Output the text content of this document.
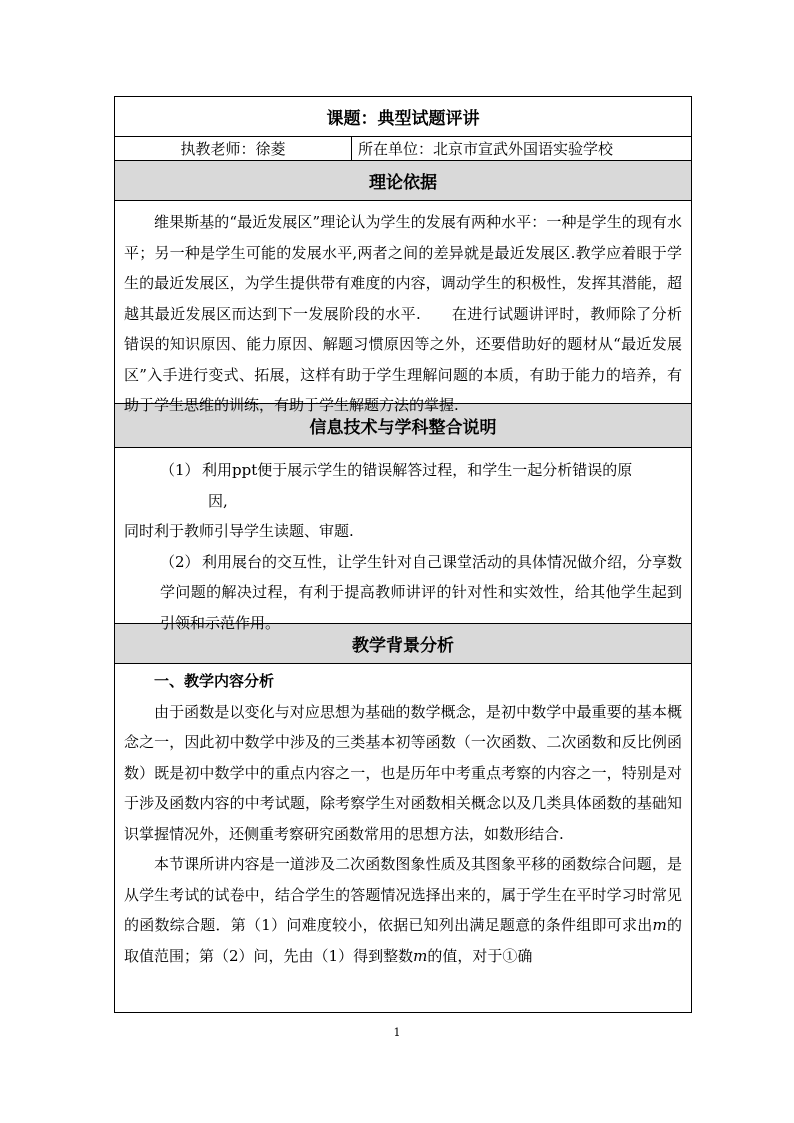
课题：典型试题评讲
执教老师：徐菱	所在单位：北京市宣武外国语实验学校
理论依据

维果斯基的“最近发展区”理论认为学生的发展有两种水平：一种是学生的现有水平；另一种是学生可能的发展水平,两者之间的差异就是最近发展区.教学应着眼于学生的最近发展区，为学生提供带有难度的内容，调动学生的积极性，发挥其潜能，超越其最近发展区而达到下一发展阶段的水平.　　在进行试题讲评时，教师除了分析错误的知识原因、能力原因、解题习惯原因等之外，还要借助好的题材从“最近发展区”入手进行变式、拓展，这样有助于学生理解问题的本质，有助于能力的培养，有助于学生思维的训练，有助于学生解题方法的掌握.

信息技术与学科整合说明

（1） 利用ppt便于展示学生的错误解答过程，和学生一起分析错误的原

因,

同时利于教师引导学生读题、审题.

（2） 利用展台的交互性，让学生针对自己课堂活动的具体情况做介绍，分享数学问题的解决过程，有利于提高教师讲评的针对性和实效性，给其他学生起到引领和示范作用。

教学背景分析

一、教学内容分析

由于函数是以变化与对应思想为基础的数学概念，是初中数学中最重要的基本概念之一，因此初中数学中涉及的三类基本初等函数（一次函数、二次函数和反比例函数）既是初中数学中的重点内容之一，也是历年中考重点考察的内容之一，特别是对于涉及函数内容的中考试题，除考察学生对函数相关概念以及几类具体函数的基础知识掌握情况外，还侧重考察研究函数常用的思想方法，如数形结合.

本节课所讲内容是一道涉及二次函数图象性质及其图象平移的函数综合问题，是从学生考试的试卷中，结合学生的答题情况选择出来的，属于学生在平时学习时常见的函数综合题．第（1）问难度较小，依据已知列出满足题意的条件组即可求出m的取值范围；第（2）问，先由（1）得到整数m的值，对于①确

1
